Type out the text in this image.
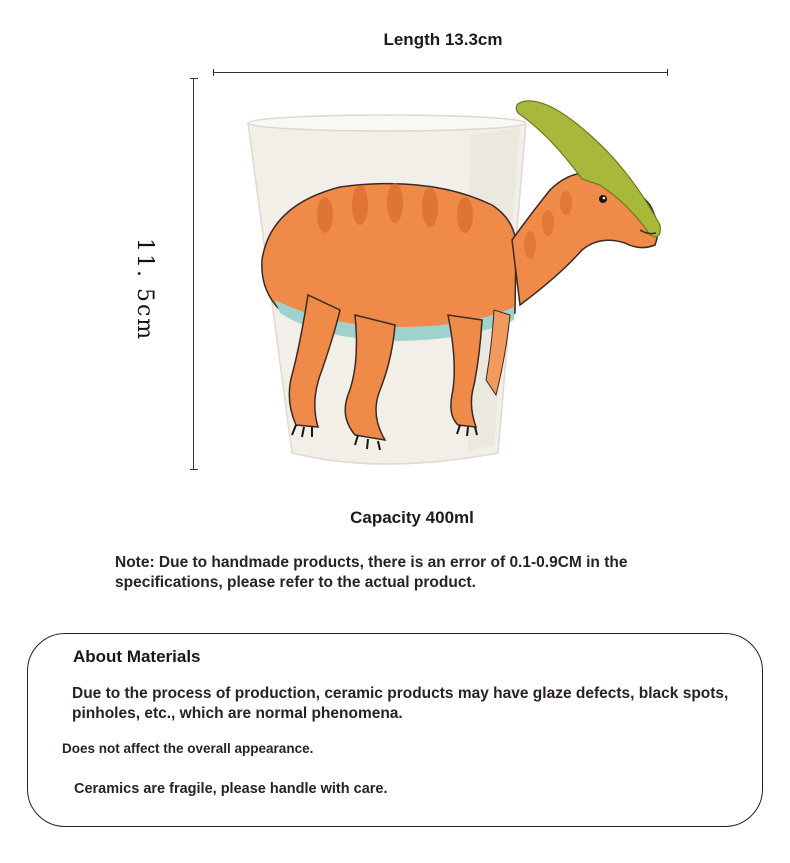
Length 13.3cm
11. 5cm
Capacity 400ml
Note: Due to handmade products, there is an error of 0.1-0.9CM in the specifications, please refer to the actual product.
About Materials
Due to the process of production, ceramic products may have glaze defects, black spots, pinholes, etc., which are normal phenomena.
Does not affect the overall appearance.
Ceramics are fragile, please handle with care.
